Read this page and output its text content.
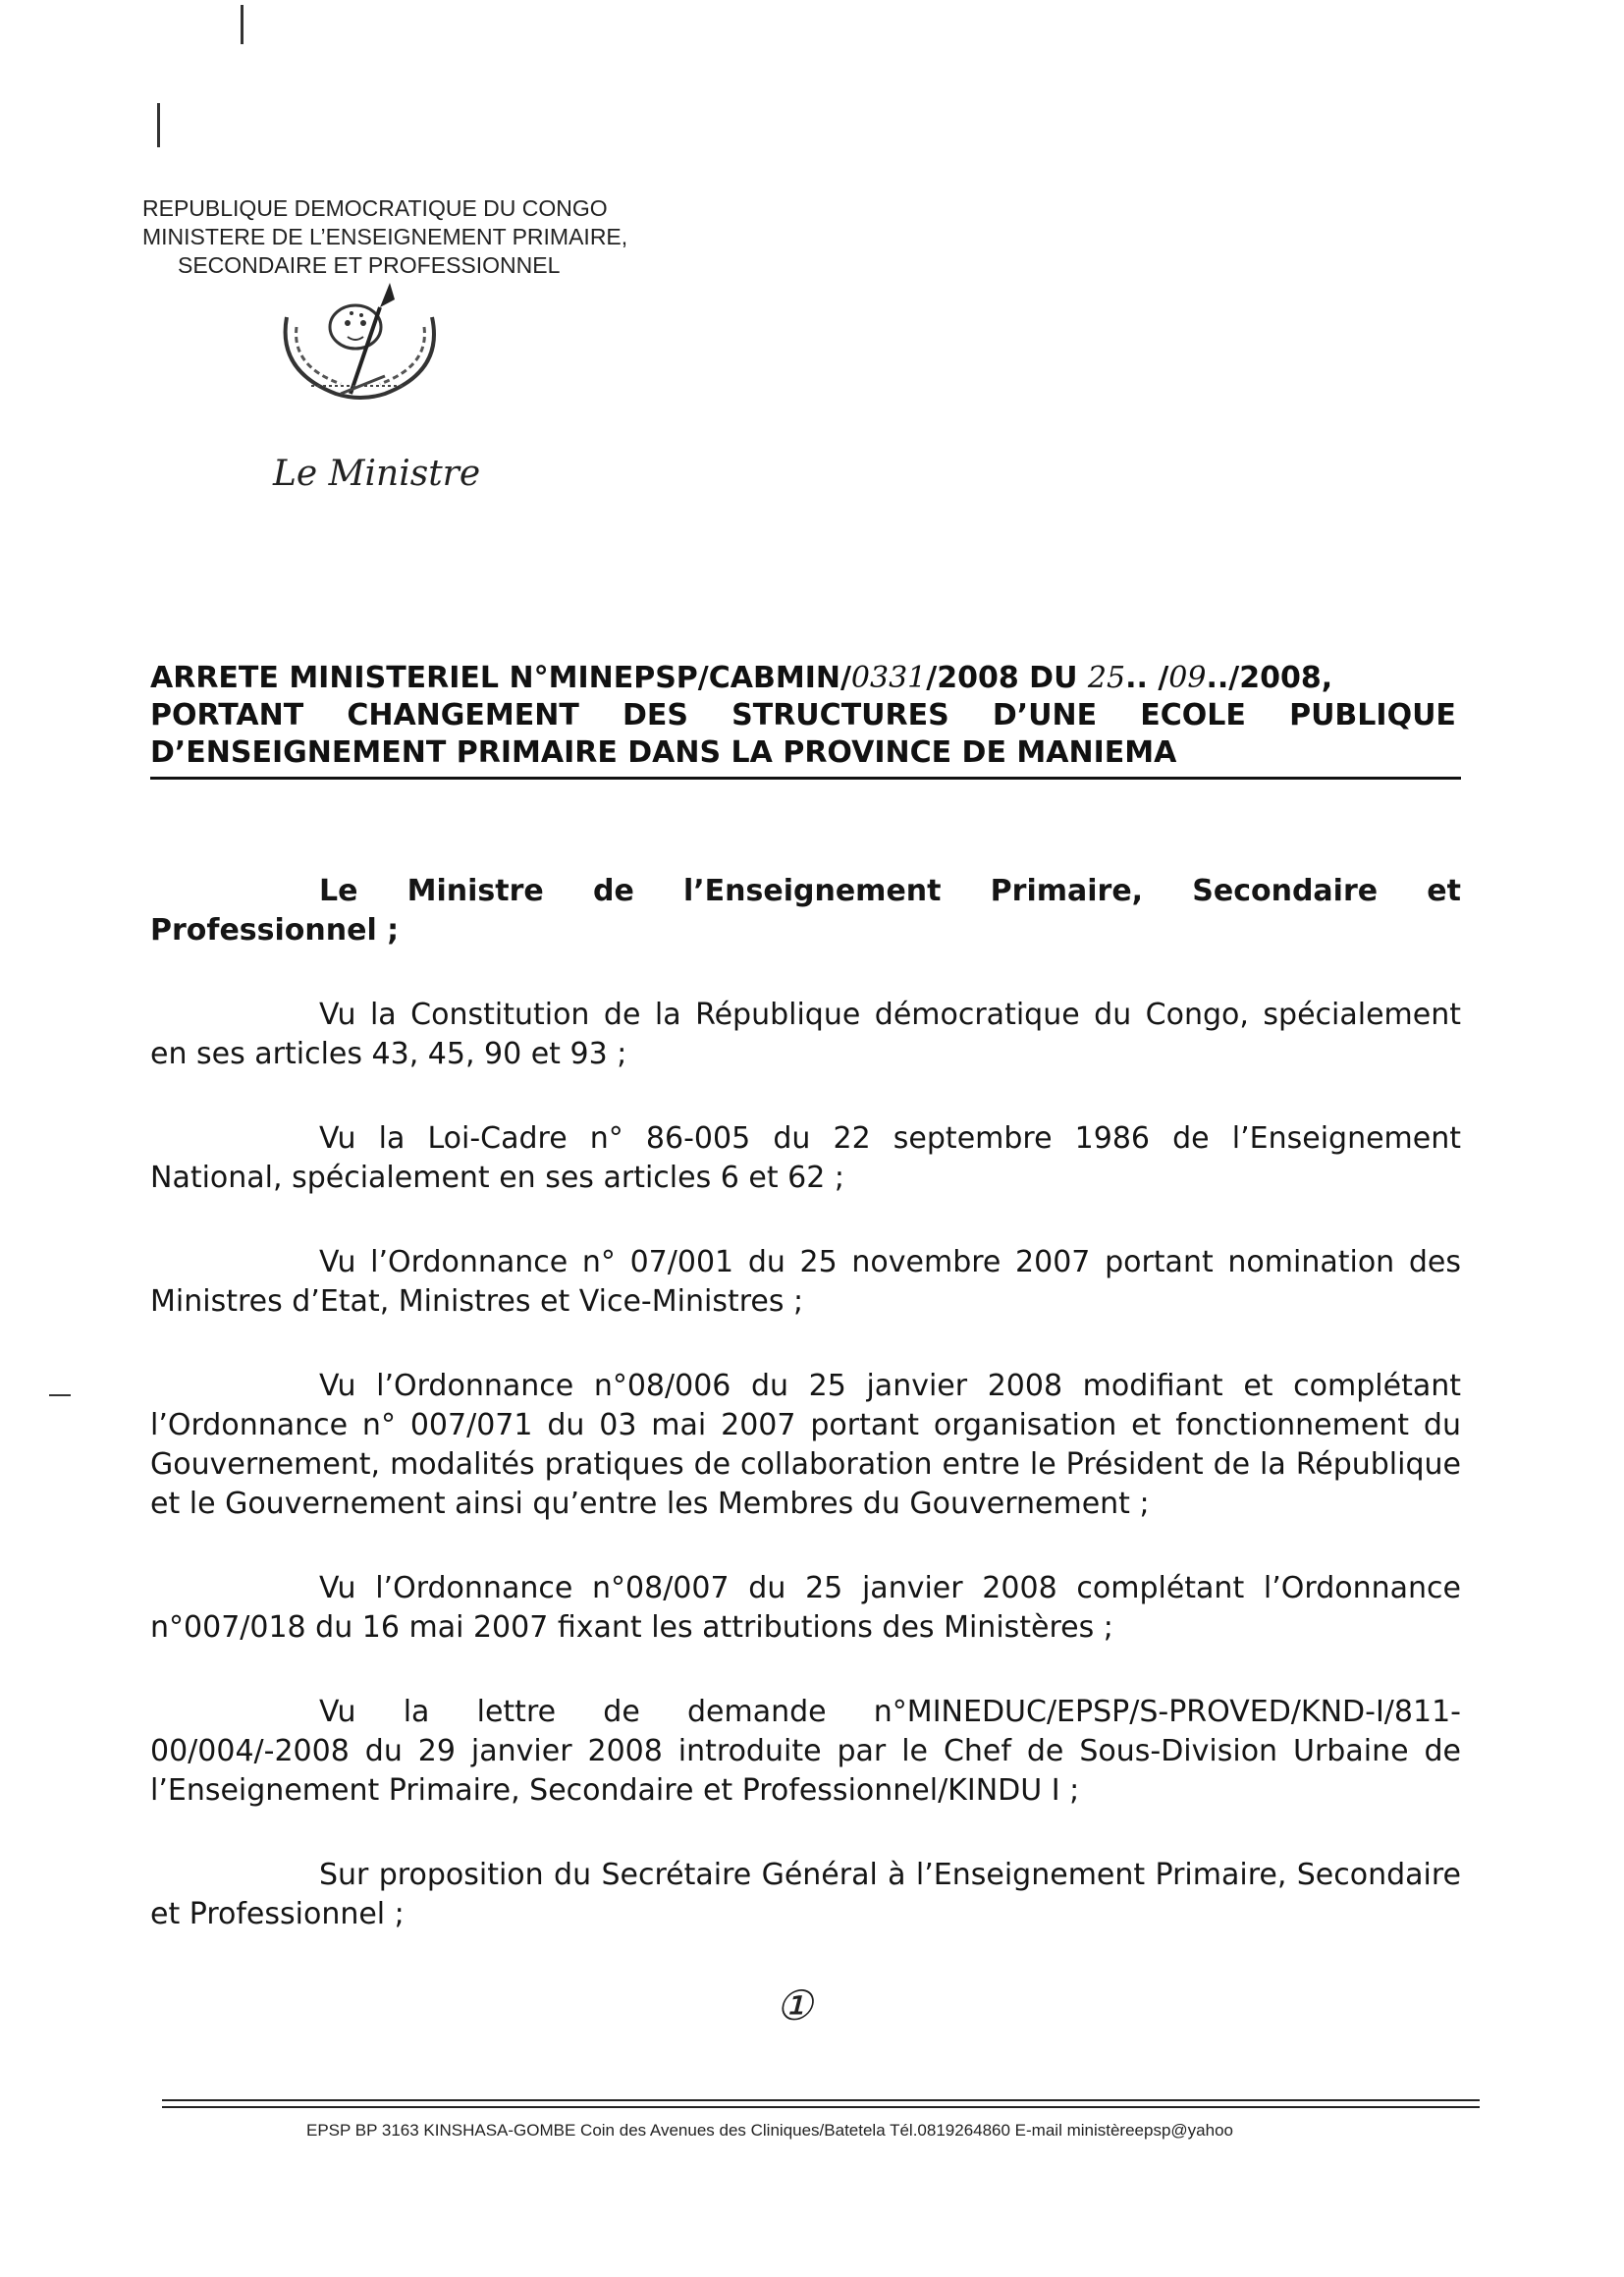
REPUBLIQUE DEMOCRATIQUE DU CONGO

MINISTERE DE L’ENSEIGNEMENT PRIMAIRE,
SECONDAIRE ET PROFESSIONNEL
Le Ministre
ARRETE MINISTERIEL N°MINEPSP/CABMIN/0331/2008 DU 25.. /09../2008,
PORTANT CHANGEMENT DES STRUCTURES D’UNE ECOLE PUBLIQUE
D’ENSEIGNEMENT PRIMAIRE DANS LA PROVINCE DE MANIEMA
Le Ministre de l’Enseignement Primaire, Secondaire et
Professionnel ;

Vu la Constitution de la République démocratique du Congo, spécialement en ses articles 43, 45, 90 et 93 ;

Vu la Loi-Cadre n° 86-005 du 22 septembre 1986 de l’Enseignement National, spécialement en ses articles 6 et 62 ;

Vu l’Ordonnance n° 07/001 du 25 novembre 2007 portant nomination des Ministres d’Etat, Ministres et Vice-Ministres ;

Vu l’Ordonnance n°08/006 du 25 janvier 2008 modifiant et complétant l’Ordonnance n° 007/071 du 03 mai 2007 portant organisation et fonctionnement du Gouvernement, modalités pratiques de collaboration entre le Président de la République et le Gouvernement ainsi qu’entre les Membres du Gouvernement ;

Vu l’Ordonnance n°08/007 du 25 janvier 2008 complétant l’Ordonnance n°007/018 du 16 mai 2007 fixant les attributions des Ministères ;

Vu la lettre de demande n°MINEDUC/EPSP/S-PROVED/KND-I/811- 00/004/-2008 du 29 janvier 2008 introduite par le Chef de Sous-Division Urbaine de l’Enseignement Primaire, Secondaire et Professionnel/KINDU I ;

Sur proposition du Secrétaire Général à l’Enseignement Primaire, Secondaire et Professionnel ;

①
EPSP BP 3163 KINSHASA-GOMBE Coin des Avenues des Cliniques/Batetela Tél.0819264860 E-mail ministèreepsp@yahoo
